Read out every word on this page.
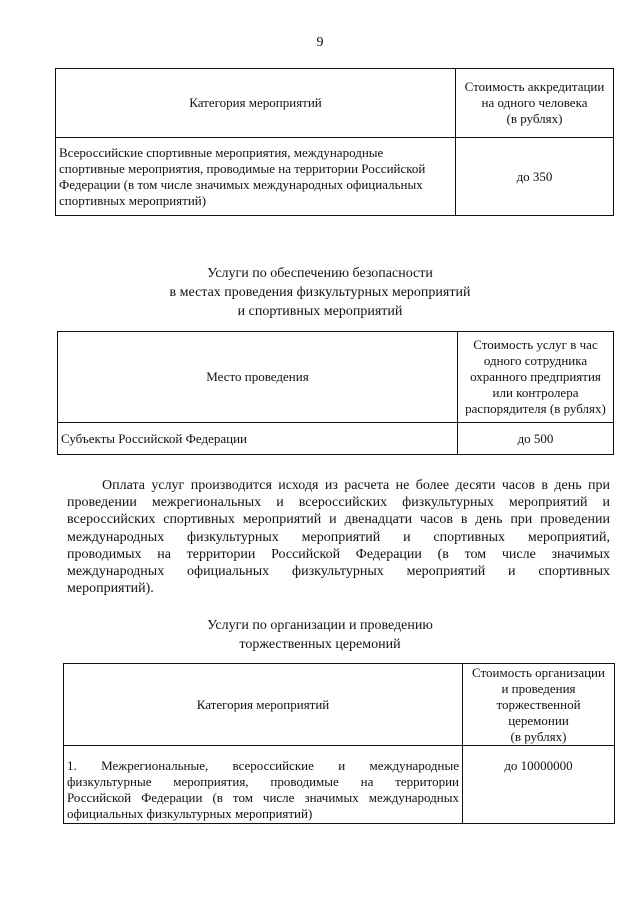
9
Категория мероприятий	Стоимость аккредитации
на одного человека
(в рублях)

Всероссийские спортивные мероприятия, международные
спортивные мероприятия, проводимые на территории Российской
Федерации (в том числе значимых международных официальных
спортивных мероприятий)	до 350
Услуги по обеспечению безопасности
в местах проведения физкультурных мероприятий
и спортивных мероприятий
Место проведения	Стоимость услуг в час
одного сотрудника
охранного предприятия
или контролера
распорядителя (в рублях)

Субъекты Российской Федерации	до 500
Оплата услуг производится исходя из расчета не более десяти часов в день при
проведении межрегиональных и всероссийских физкультурных мероприятий и
всероссийских спортивных мероприятий и двенадцати часов в день при проведении
международных физкультурных мероприятий и спортивных мероприятий,
проводимых на территории Российской Федерации (в том числе значимых
международных официальных физкультурных мероприятий и спортивных
мероприятий).
Услуги по организации и проведению
торжественных церемоний
Категория мероприятий	Стоимость организации
и проведения
торжественной
церемонии
(в рублях)

1. Межрегиональные, всероссийские и международные
физкультурные мероприятия, проводимые на территории
Российской Федерации (в том числе значимых международных
официальных физкультурных мероприятий)	до 10000000
